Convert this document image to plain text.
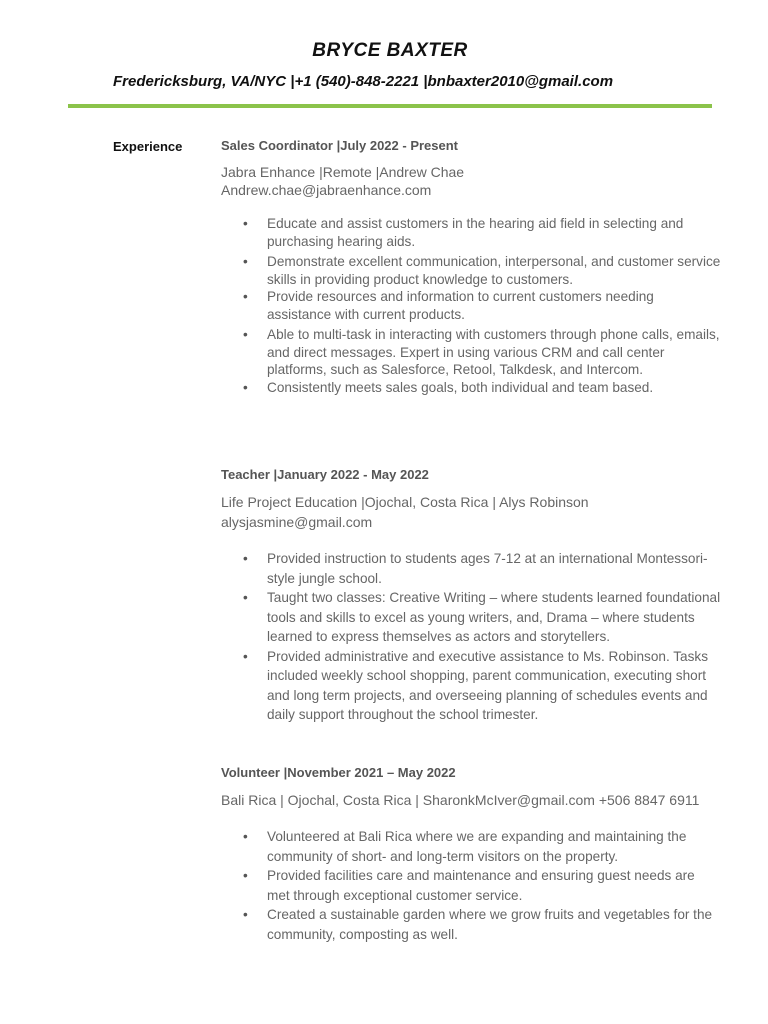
BRYCE BAXTER
Fredericksburg, VA/NYC |+1 (540)-848-2221 |bnbaxter2010@gmail.com
Experience	Sales Coordinator |July 2022 - Present

Jabra Enhance |Remote |Andrew Chae

Andrew.chae@jabraenhance.com

• Educate and assist customers in the hearing aid field in selecting and purchasing hearing aids.
• Demonstrate excellent communication, interpersonal, and customer service skills in providing product knowledge to customers.
• Provide resources and information to current customers needing assistance with current products.
• Able to multi-task in interacting with customers through phone calls, emails, and direct messages. Expert in using various CRM and call center platforms, such as Salesforce, Retool, Talkdesk, and Intercom.
• Consistently meets sales goals, both individual and team based.

Teacher |January 2022 - May 2022

Life Project Education |Ojochal, Costa Rica | Alys Robinson

alysjasmine@gmail.com

• Provided instruction to students ages 7-12 at an international Montessori-style jungle school.
• Taught two classes: Creative Writing – where students learned foundational tools and skills to excel as young writers, and, Drama – where students learned to express themselves as actors and storytellers.
• Provided administrative and executive assistance to Ms. Robinson. Tasks included weekly school shopping, parent communication, executing short and long term projects, and overseeing planning of schedules events and daily support throughout the school trimester.

Volunteer |November 2021 – May 2022

Bali Rica | Ojochal, Costa Rica | SharonkMcIver@gmail.com +506 8847 6911

• Volunteered at Bali Rica where we are expanding and maintaining the community of short- and long-term visitors on the property.
• Provided facilities care and maintenance and ensuring guest needs are met through exceptional customer service.
• Created a sustainable garden where we grow fruits and vegetables for the community, composting as well.
